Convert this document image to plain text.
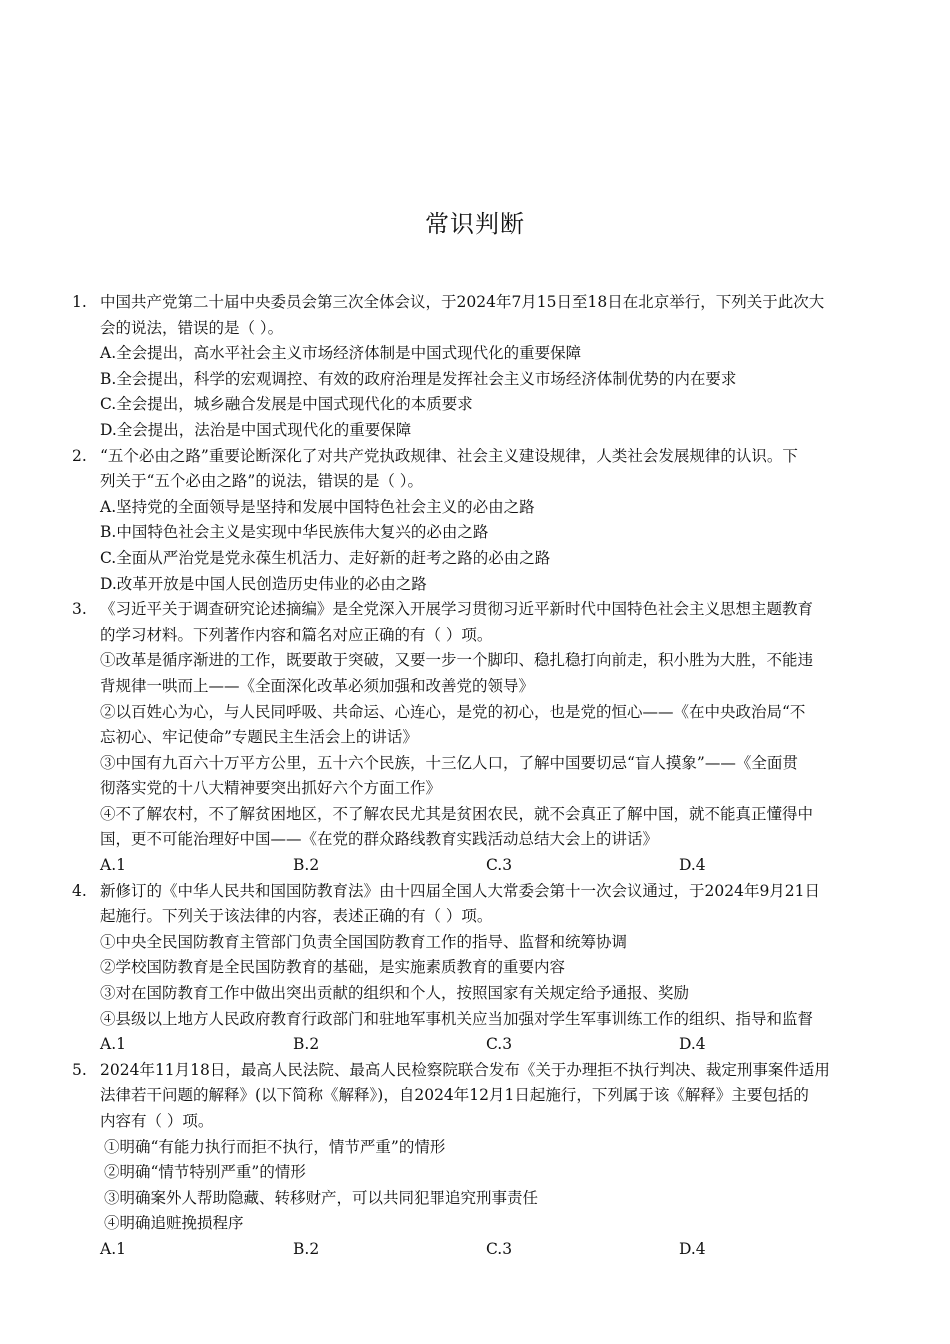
常识判断
1. 中国共产党第二十届中央委员会第三次全体会议，于2024年7月15日至18日在北京举行，下列关于此次大
会的说法，错误的是（ ）。
A.全会提出，高水平社会主义市场经济体制是中国式现代化的重要保障
B.全会提出，科学的宏观调控、有效的政府治理是发挥社会主义市场经济体制优势的内在要求
C.全会提出，城乡融合发展是中国式现代化的本质要求
D.全会提出，法治是中国式现代化的重要保障
2. “五个必由之路”重要论断深化了对共产党执政规律、社会主义建设规律，人类社会发展规律的认识。下
列关于“五个必由之路”的说法，错误的是（ ）。
A.坚持党的全面领导是坚持和发展中国特色社会主义的必由之路
B.中国特色社会主义是实现中华民族伟大复兴的必由之路
C.全面从严治党是党永葆生机活力、走好新的赶考之路的必由之路
D.改革开放是中国人民创造历史伟业的必由之路
3. 《习近平关于调查研究论述摘编》是全党深入开展学习贯彻习近平新时代中国特色社会主义思想主题教育
的学习材料。下列著作内容和篇名对应正确的有（ ）项。
①改革是循序渐进的工作，既要敢于突破，又要一步一个脚印、稳扎稳打向前走，积小胜为大胜，不能违
背规律一哄而上——《全面深化改革必须加强和改善党的领导》
②以百姓心为心，与人民同呼吸、共命运、心连心，是党的初心，也是党的恒心——《在中央政治局“不
忘初心、牢记使命”专题民主生活会上的讲话》
③中国有九百六十万平方公里，五十六个民族，十三亿人口，了解中国要切忌“盲人摸象”——《全面贯
彻落实党的十八大精神要突出抓好六个方面工作》
④不了解农村，不了解贫困地区，不了解农民尤其是贫困农民，就不会真正了解中国，就不能真正懂得中
国，更不可能治理好中国——《在党的群众路线教育实践活动总结大会上的讲话》
A.1	B.2	C.3	D.4
4. 新修订的《中华人民共和国国防教育法》由十四届全国人大常委会第十一次会议通过，于2024年9月21日
起施行。下列关于该法律的内容，表述正确的有（ ）项。
①中央全民国防教育主管部门负责全国国防教育工作的指导、监督和统筹协调
②学校国防教育是全民国防教育的基础，是实施素质教育的重要内容
③对在国防教育工作中做出突出贡献的组织和个人，按照国家有关规定给予通报、奖励
④县级以上地方人民政府教育行政部门和驻地军事机关应当加强对学生军事训练工作的组织、指导和监督
A.1	B.2	C.3	D.4
5. 2024年11月18日，最高人民法院、最高人民检察院联合发布《关于办理拒不执行判决、裁定刑事案件适用
法律若干问题的解释》(以下简称《解释》)，自2024年12月1日起施行，下列属于该《解释》主要包括的
内容有（ ）项。
①明确“有能力执行而拒不执行，情节严重”的情形
②明确“情节特别严重”的情形
③明确案外人帮助隐藏、转移财产，可以共同犯罪追究刑事责任
④明确追赃挽损程序
A.1	B.2	C.3	D.4
